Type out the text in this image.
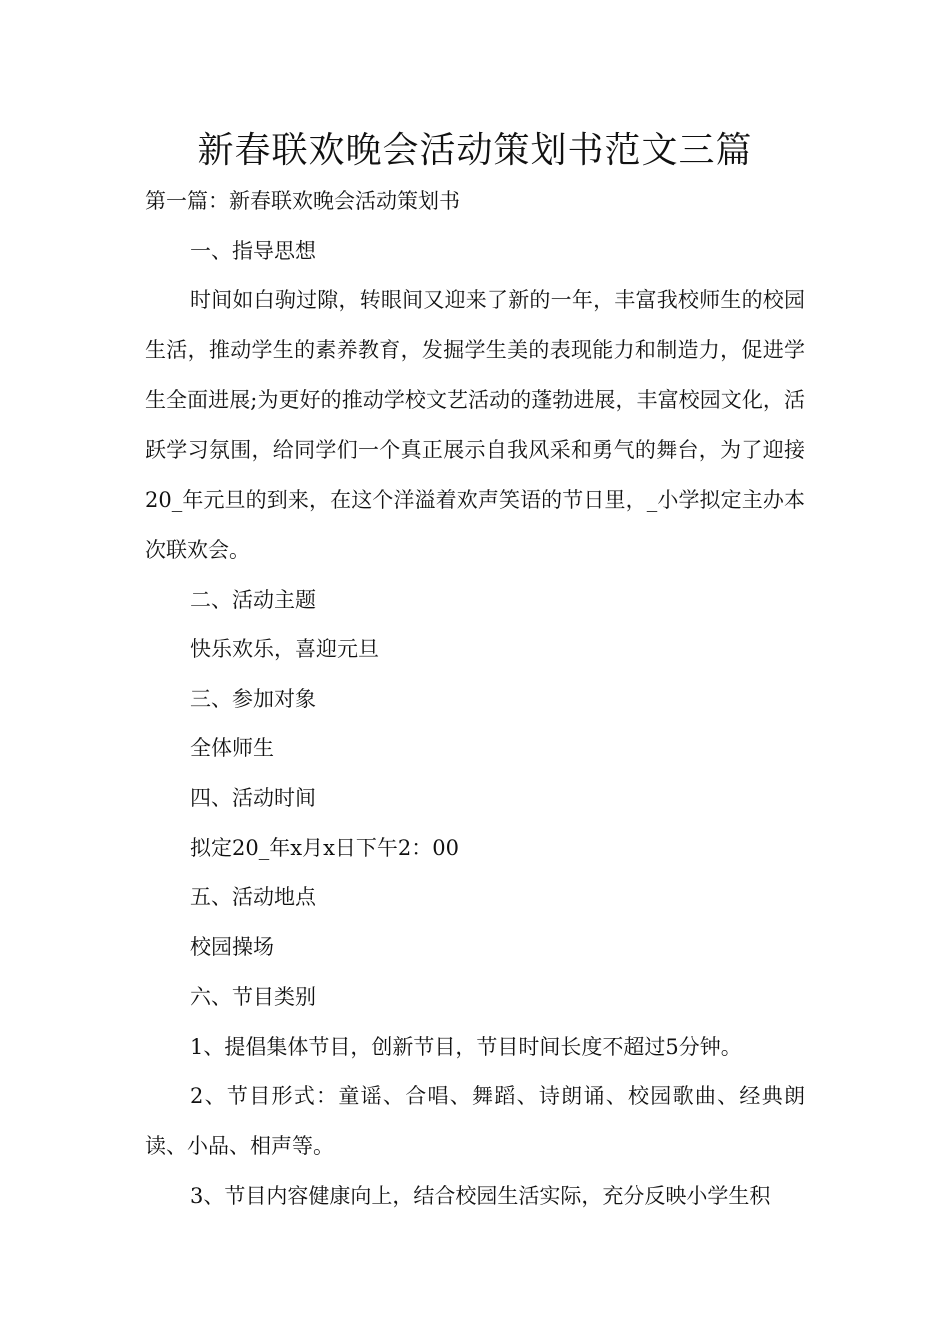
新春联欢晚会活动策划书范文三篇

第一篇：新春联欢晚会活动策划书

一、指导思想

时间如白驹过隙，转眼间又迎来了新的一年，丰富我校师生的校园生活，推动学生的素养教育，发掘学生美的表现能力和制造力，促进学生全面进展;为更好的推动学校文艺活动的蓬勃进展，丰富校园文化，活跃学习氛围，给同学们一个真正展示自我风采和勇气的舞台，为了迎接20_年元旦的到来，在这个洋溢着欢声笑语的节日里，_小学拟定主办本次联欢会。

二、活动主题

快乐欢乐，喜迎元旦

三、参加对象

全体师生

四、活动时间

拟定20_年x月x日下午2：00

五、活动地点

校园操场

六、节目类别

1、提倡集体节目，创新节目，节目时间长度不超过5分钟。

2、节目形式：童谣、合唱、舞蹈、诗朗诵、校园歌曲、经典朗读、小品、相声等。

3、节目内容健康向上，结合校园生活实际，充分反映小学生积
